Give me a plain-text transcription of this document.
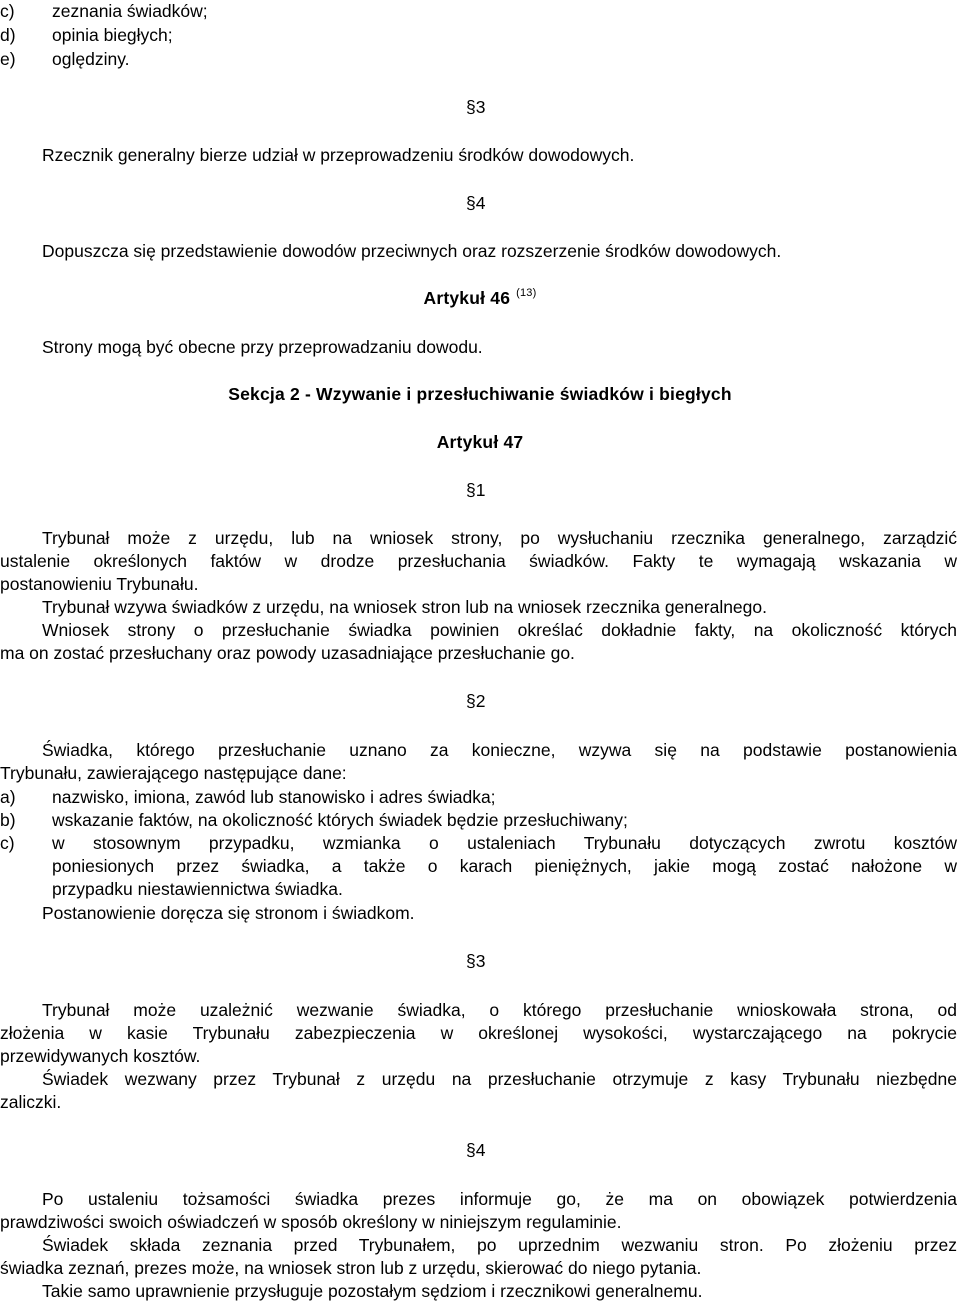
c) zeznania świadków;
d) opinia biegłych;
e) oględziny.
§3
Rzecznik generalny bierze udział w przeprowadzeniu środków dowodowych.
§4
Dopuszcza się przedstawienie dowodów przeciwnych oraz rozszerzenie środków dowodowych.
Artykuł 46 $^{(13)}$
Strony mogą być obecne przy przeprowadzaniu dowodu.
Sekcja 2 - Wzywanie i przesłuchiwanie świadków i biegłych
Artykuł 47
§1
Trybunał może z urzędu, lub na wniosek strony, po wysłuchaniu rzecznika generalnego, zarządzić
ustalenie określonych faktów w drodze przesłuchania świadków. Fakty te wymagają wskazania w
postanowieniu Trybunału.
Trybunał wzywa świadków z urzędu, na wniosek stron lub na wniosek rzecznika generalnego.
Wniosek strony o przesłuchanie świadka powinien określać dokładnie fakty, na okoliczność których
ma on zostać przesłuchany oraz powody uzasadniające przesłuchanie go.
§2
Świadka, którego przesłuchanie uznano za konieczne, wzywa się na podstawie postanowienia
Trybunału, zawierającego następujące dane:
a) nazwisko, imiona, zawód lub stanowisko i adres świadka;
b) wskazanie faktów, na okoliczność których świadek będzie przesłuchiwany;
c) w stosownym przypadku, wzmianka o ustaleniach Trybunału dotyczących zwrotu kosztów
poniesionych przez świadka, a także o karach pieniężnych, jakie mogą zostać nałożone w
przypadku niestawiennictwa świadka.
Postanowienie doręcza się stronom i świadkom.
§3
Trybunał może uzależnić wezwanie świadka, o którego przesłuchanie wnioskowała strona, od
złożenia w kasie Trybunału zabezpieczenia w określonej wysokości, wystarczającego na pokrycie
przewidywanych kosztów.
Świadek wezwany przez Trybunał z urzędu na przesłuchanie otrzymuje z kasy Trybunału niezbędne
zaliczki.
§4
Po ustaleniu tożsamości świadka prezes informuje go, że ma on obowiązek potwierdzenia
prawdziwości swoich oświadczeń w sposób określony w niniejszym regulaminie.
Świadek składa zeznania przed Trybunałem, po uprzednim wezwaniu stron. Po złożeniu przez
świadka zeznań, prezes może, na wniosek stron lub z urzędu, skierować do niego pytania.
Takie samo uprawnienie przysługuje pozostałym sędziom i rzecznikowi generalnemu.
